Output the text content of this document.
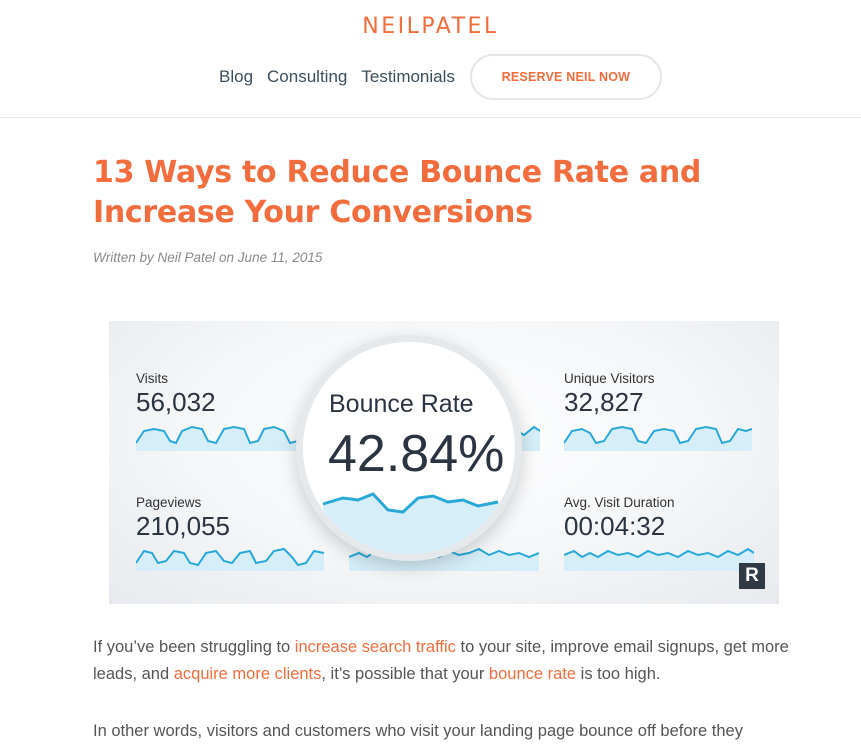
NEILPATEL
Blog Consulting Testimonials	RESERVE NEIL NOW
13 Ways to Reduce Bounce Rate and Increase Your Conversions
Written by Neil Patel on June 11, 2015
Visits
56,032
Pageviews
210,055
Unique Visitors
32,827
Avg. Visit Duration
00:04:32
Bounce Rate
42.84%
R
If you’ve been struggling to increase search traffic to your site, improve email signups, get more leads, and acquire more clients, it’s possible that your bounce rate is too high.
In other words, visitors and customers who visit your landing page bounce off before they
